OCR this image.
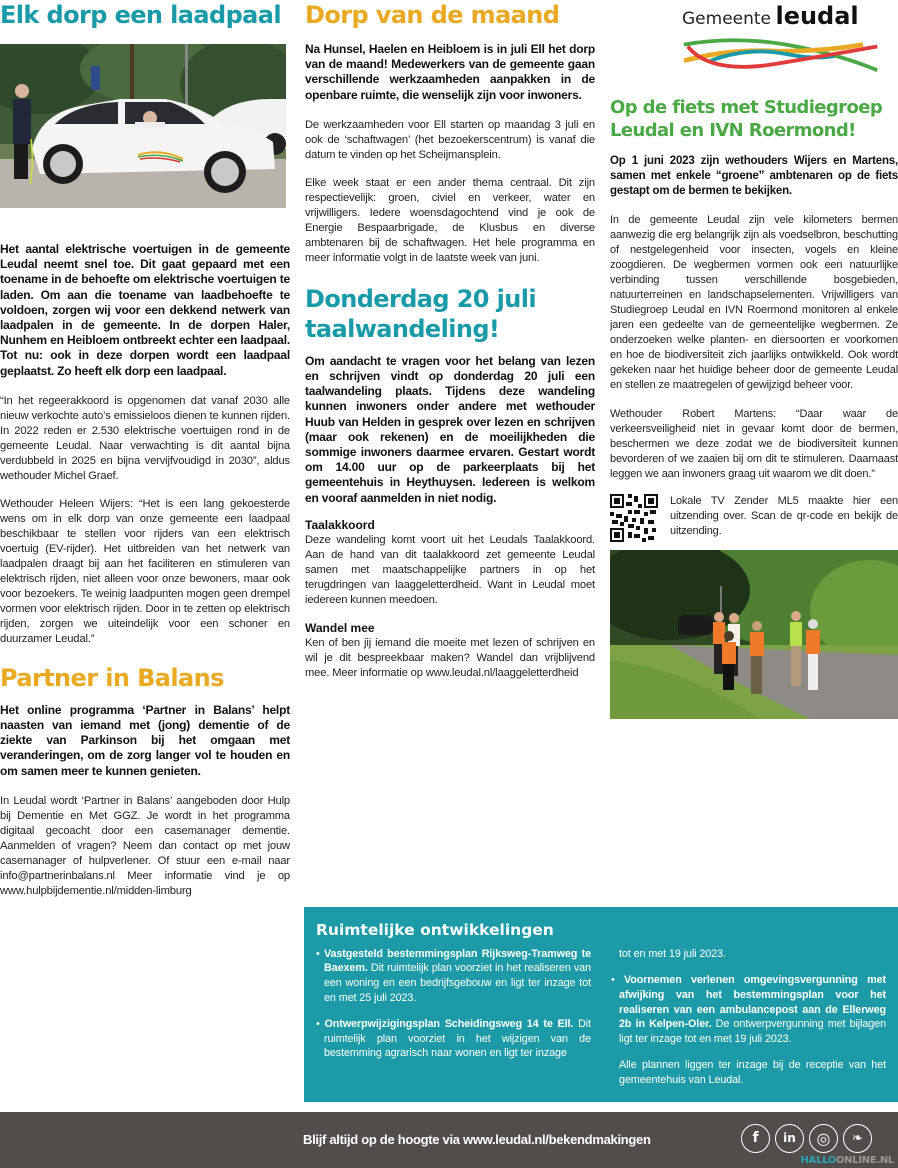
Elk dorp een laadpaal

Het aantal elektrische voertuigen in de gemeente Leudal neemt snel toe. Dit gaat gepaard met een toename in de behoefte om elektrische voertuigen te laden. Om aan die toename van laadbehoefte te voldoen, zorgen wij voor een dekkend netwerk van laadpalen in de gemeente. In de dorpen Haler, Nunhem en Heibloem ontbreekt echter een laadpaal. Tot nu: ook in deze dorpen wordt een laadpaal geplaatst. Zo heeft elk dorp een laadpaal.

“In het regeerakkoord is opgenomen dat vanaf 2030 alle nieuw verkochte auto’s emissieloos dienen te kunnen rijden. In 2022 reden er 2.530 elektrische voertuigen rond in de gemeente Leudal. Naar verwachting is dit aantal bijna verdubbeld in 2025 en bijna vervijfvoudigd in 2030”, aldus wethouder Michel Graef.

Wethouder Heleen Wijers: “Het is een lang gekoesterde wens om in elk dorp van onze gemeente een laadpaal beschikbaar te stellen voor rijders van een elektrisch voertuig (EV-rijder). Het uitbreiden van het netwerk van laadpalen draagt bij aan het faciliteren en stimuleren van elektrisch rijden, niet alleen voor onze bewoners, maar ook voor bezoekers. Te weinig laadpunten mogen geen drempel vormen voor elektrisch rijden. Door in te zetten op elektrisch rijden, zorgen we uiteindelijk voor een schoner en duurzamer Leudal.”

Partner in Balans

Het online programma ‘Partner in Balans’ helpt naasten van iemand met (jong) dementie of de ziekte van Parkinson bij het omgaan met veranderingen, om de zorg langer vol te houden en om samen meer te kunnen genieten.

In Leudal wordt ‘Partner in Balans’ aangeboden door Hulp bij Dementie en Met GGZ. Je wordt in het programma digitaal gecoacht door een casemanager dementie. Aanmelden of vragen? Neem dan contact op met jouw casemanager of hulpverlener. Of stuur een e-mail naar info@partnerinbalans.nl Meer informatie vind je op www.hulpbijdementie.nl/midden-limburg

Dorp van de maand

Na Hunsel, Haelen en Heibloem is in juli Ell het dorp van de maand! Medewerkers van de gemeente gaan verschillende werkzaamheden aanpakken in de openbare ruimte, die wenselijk zijn voor inwoners.

De werkzaamheden voor Ell starten op maandag 3 juli en ook de ‘schaftwagen’ (het bezoekerscentrum) is vanaf die datum te vinden op het Scheijmansplein.

Elke week staat er een ander thema centraal. Dit zijn respectievelijk: groen, civiel en verkeer, water en vrijwilligers. Iedere woensdagochtend vind je ook de Energie Bespaarbrigade, de Klusbus en diverse ambtenaren bij de schaftwagen. Het hele programma en meer informatie volgt in de laatste week van juni.

Donderdag 20 juli
taalwandeling!

Om aandacht te vragen voor het belang van lezen en schrijven vindt op donderdag 20 juli een taalwandeling plaats. Tijdens deze wandeling kunnen inwoners onder andere met wethouder Huub van Helden in gesprek over lezen en schrijven (maar ook rekenen) en de moeilijkheden die sommige inwoners daarmee ervaren. Gestart wordt om 14.00 uur op de parkeerplaats bij het gemeentehuis in Heythuysen. Iedereen is welkom en vooraf aanmelden in niet nodig.

Taalakkoord

Deze wandeling komt voort uit het Leudals Taalakkoord. Aan de hand van dit taalakkoord zet gemeente Leudal samen met maatschappelijke partners in op het terugdringen van laaggeletterdheid. Want in Leudal moet iedereen kunnen meedoen.

Wandel mee

Ken of ben jij iemand die moeite met lezen of schrijven en wil je dit bespreekbaar maken? Wandel dan vrijblijvend mee. Meer informatie op www.leudal.nl/laaggeletterdheid

Gemeente leudal
Op de fiets met Studiegroep
Leudal en IVN Roermond!

Op 1 juni 2023 zijn wethouders Wijers en Martens, samen met enkele “groene” ambtenaren op de fiets gestapt om de bermen te bekijken.

In de gemeente Leudal zijn vele kilometers bermen aanwezig die erg belangrijk zijn als voedselbron, beschutting of nestgelegenheid voor insecten, vogels en kleine zoogdieren. De wegbermen vormen ook een natuurlijke verbinding tussen verschillende bosgebieden, natuurterreinen en landschapselementen. Vrijwilligers van Studiegroep Leudal en IVN Roermond monitoren al enkele jaren een gedeelte van de gemeentelijke wegbermen. Ze onderzoeken welke planten- en diersoorten er voorkomen en hoe de biodiversiteit zich jaarlijks ontwikkeld. Ook wordt gekeken naar het huidige beheer door de gemeente Leudal en stellen ze maatregelen of gewijzigd beheer voor.

Wethouder Robert Martens: “Daar waar de verkeersveiligheid niet in gevaar komt door de bermen, beschermen we deze zodat we de biodiversiteit kunnen bevorderen of we zaaien bij om dit te stimuleren. Daarnaast leggen we aan inwoners graag uit waarom we dit doen.”

Lokale TV Zender ML5 maakte hier een uitzending over. Scan de qr-code en bekijk de uitzending.

Ruimtelijke ontwikkelingen

• Vastgesteld bestemmingsplan Rijksweg-Tramweg te Baexem. Dit ruimtelijk plan voorziet in het realiseren van een woning en een bedrijfsgebouw en ligt ter inzage tot en met 25 juli 2023.

• Ontwerpwijzigingsplan Scheidingsweg 14 te Ell. Dit ruimtelijk plan voorziet in het wijzigen van de bestemming agrarisch naar wonen en ligt ter inzage

tot en met 19 juli 2023.

• Voornemen verlenen omgevingsvergunning met afwijking van het bestemmingsplan voor het realiseren van een ambulancepost aan de Ellerweg 2b in Kelpen-Oler. De ontwerpvergunning met bijlagen ligt ter inzage tot en met 19 juli 2023.

Alle plannen liggen ter inzage bij de receptie van het gemeentehuis van Leudal.

Blijf altijd op de hoogte via www.leudal.nl/bekendmakingen	f	in	◎	❧
HALLOONLINE.NL
